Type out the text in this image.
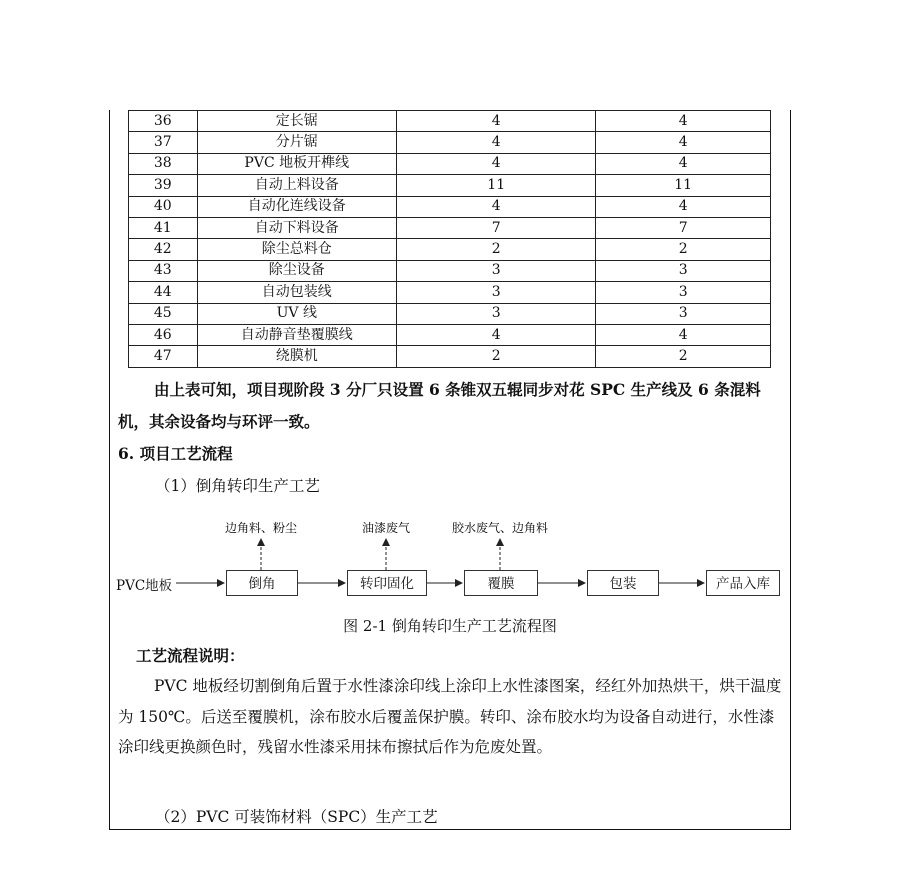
36	定长锯	4	4
37	分片锯	4	4
38	PVC 地板开榫线	4	4
39	自动上料设备	11	11
40	自动化连线设备	4	4
41	自动下料设备	7	7
42	除尘总料仓	2	2
43	除尘设备	3	3
44	自动包装线	3	3
45	UV 线	3	3
46	自动静音垫覆膜线	4	4
47	绕膜机	2	2
由上表可知，项目现阶段 3 分厂只设置 6 条锥双五辊同步对花 SPC 生产线及 6 条混料机，其余设备均与环评一致。
6. 项目工艺流程
（1）倒角转印生产工艺
边角料、粉尘	油漆废气	胶水废气、边角料
PVC地板	倒角	转印固化	覆膜	包装	产品入库
图 2-1 倒角转印生产工艺流程图
工艺流程说明：
PVC 地板经切割倒角后置于水性漆涂印线上涂印上水性漆图案，经红外加热烘干，烘干温度为 150℃。后送至覆膜机，涂布胶水后覆盖保护膜。转印、涂布胶水均为设备自动进行，水性漆涂印线更换颜色时，残留水性漆采用抹布擦拭后作为危废处置。
（2）PVC 可装饰材料（SPC）生产工艺
